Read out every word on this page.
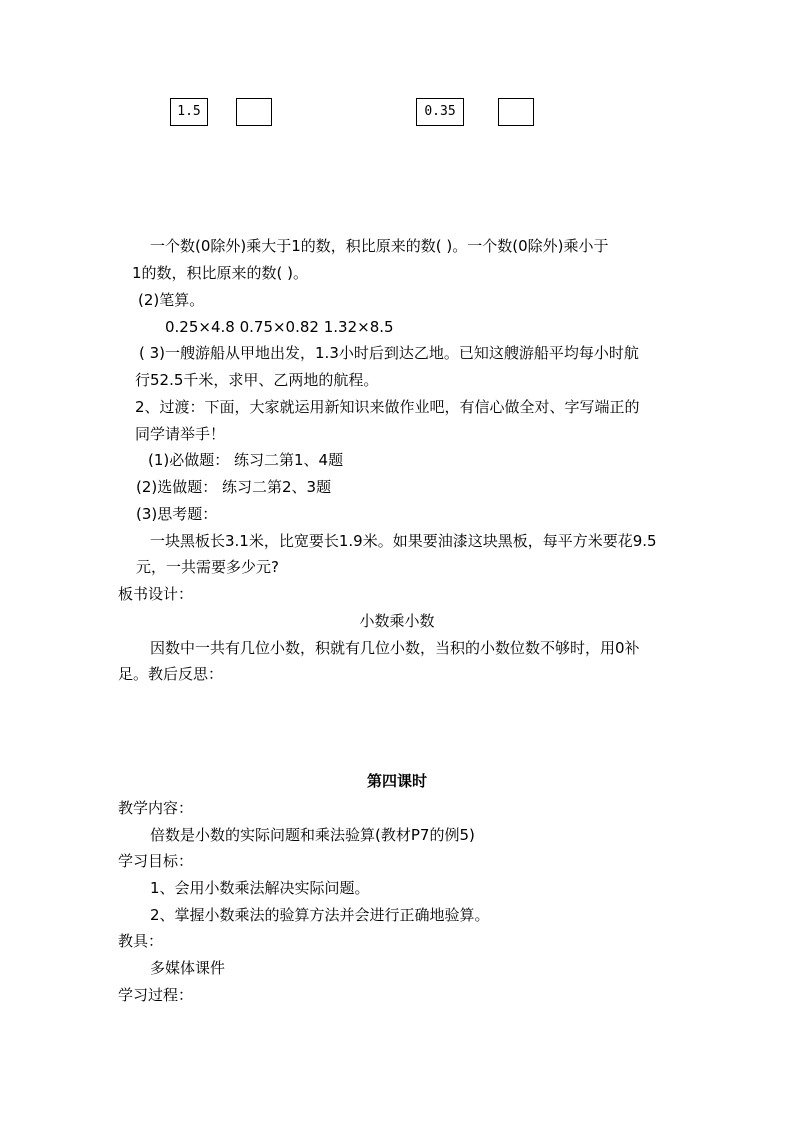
1.5	0.35
一个数(0除外)乘大于1的数，积比原来的数( )。一个数(0除外)乘小于
1的数，积比原来的数( )。
(2)笔算。
0.25×4.8 0.75×0.82 1.32×8.5
( 3)一艘游船从甲地出发，1.3小时后到达乙地。已知这艘游船平均每小时航
行52.5千米，求甲、乙两地的航程。
2、过渡：下面，大家就运用新知识来做作业吧，有信心做全对、字写端正的
同学请举手！
(1)必做题： 练习二第1、4题
(2)选做题： 练习二第2、3题
(3)思考题：
一块黑板长3.1米，比宽要长1.9米。如果要油漆这块黑板，每平方米要花9.5
元，一共需要多少元?
板书设计：
小数乘小数
因数中一共有几位小数，积就有几位小数，当积的小数位数不够时，用0补
足。教后反思：
第四课时
教学内容：
倍数是小数的实际问题和乘法验算(教材P7的例5)
学习目标：
1、会用小数乘法解决实际问题。
2、掌握小数乘法的验算方法并会进行正确地验算。
教具：
多媒体课件
学习过程：
